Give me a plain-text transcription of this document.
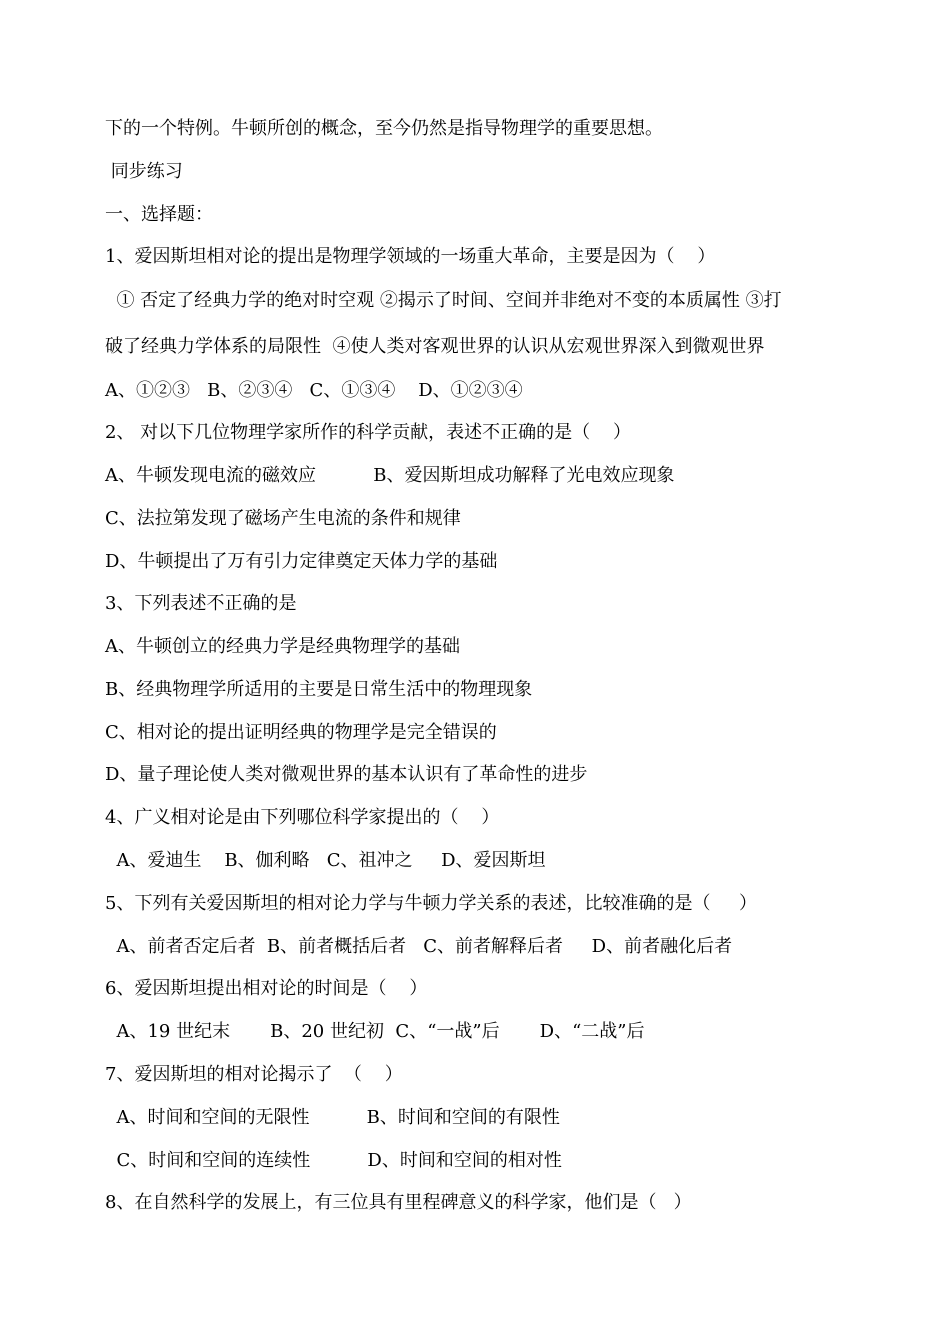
下的一个特例。牛顿所创的概念，至今仍然是指导物理学的重要思想。
同步练习
一、选择题：
1、爱因斯坦相对论的提出是物理学领域的一场重大革命，主要是因为（    ）
① 否定了经典力学的绝对时空观 ②揭示了时间、空间并非绝对不变的本质属性 ③打
破了经典力学体系的局限性  ④使人类对客观世界的认识从宏观世界深入到微观世界
A、①②③   B、②③④   C、①③④    D、①②③④
2、 对以下几位物理学家所作的科学贡献，表述不正确的是（    ）
A、牛顿发现电流的磁效应          B、爱因斯坦成功解释了光电效应现象
C、法拉第发现了磁场产生电流的条件和规律
D、牛顿提出了万有引力定律奠定天体力学的基础
3、下列表述不正确的是
A、牛顿创立的经典力学是经典物理学的基础
B、经典物理学所适用的主要是日常生活中的物理现象
C、相对论的提出证明经典的物理学是完全错误的
D、量子理论使人类对微观世界的基本认识有了革命性的进步
4、广义相对论是由下列哪位科学家提出的（    ）
A、爱迪生    B、伽利略   C、祖冲之     D、爱因斯坦
5、下列有关爱因斯坦的相对论力学与牛顿力学关系的表述，比较准确的是（     ）
A、前者否定后者  B、前者概括后者   C、前者解释后者     D、前者融化后者
6、爱因斯坦提出相对论的时间是（    ）
A、19 世纪末       B、20 世纪初  C、“一战”后       D、“二战”后
7、爱因斯坦的相对论揭示了  （    ）
A、时间和空间的无限性          B、时间和空间的有限性
C、时间和空间的连续性          D、时间和空间的相对性
8、在自然科学的发展上，有三位具有里程碑意义的科学家，他们是（   ）
